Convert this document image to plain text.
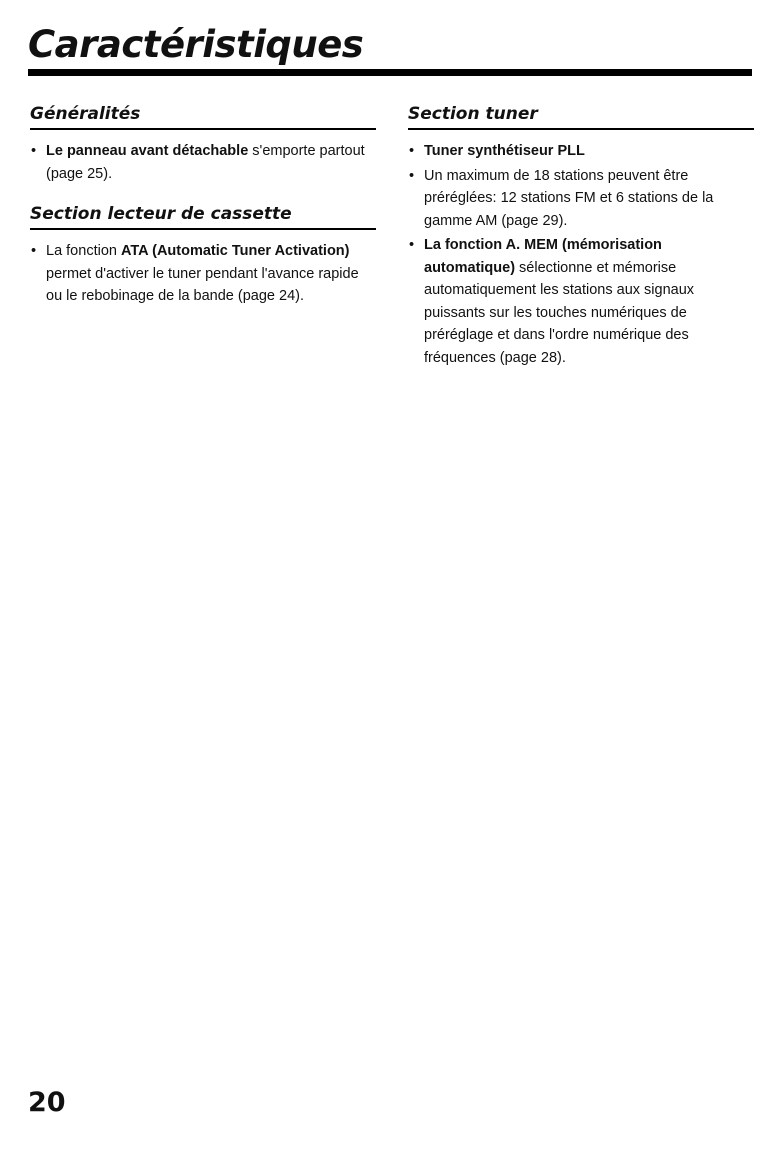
Caractéristiques
Généralités
• Le panneau avant détachable s'emporte partout (page 25).
Section lecteur de cassette
• La fonction ATA (Automatic Tuner Activation) permet d'activer le tuner pendant l'avance rapide ou le rebobinage de la bande (page 24).
Section tuner
• Tuner synthétiseur PLL
• Un maximum de 18 stations peuvent être préréglées: 12 stations FM et 6 stations de la gamme AM (page 29).
• La fonction A. MEM (mémorisation automatique) sélectionne et mémorise automatiquement les stations aux signaux puissants sur les touches numériques de préréglage et dans l'ordre numérique des fréquences (page 28).
20
